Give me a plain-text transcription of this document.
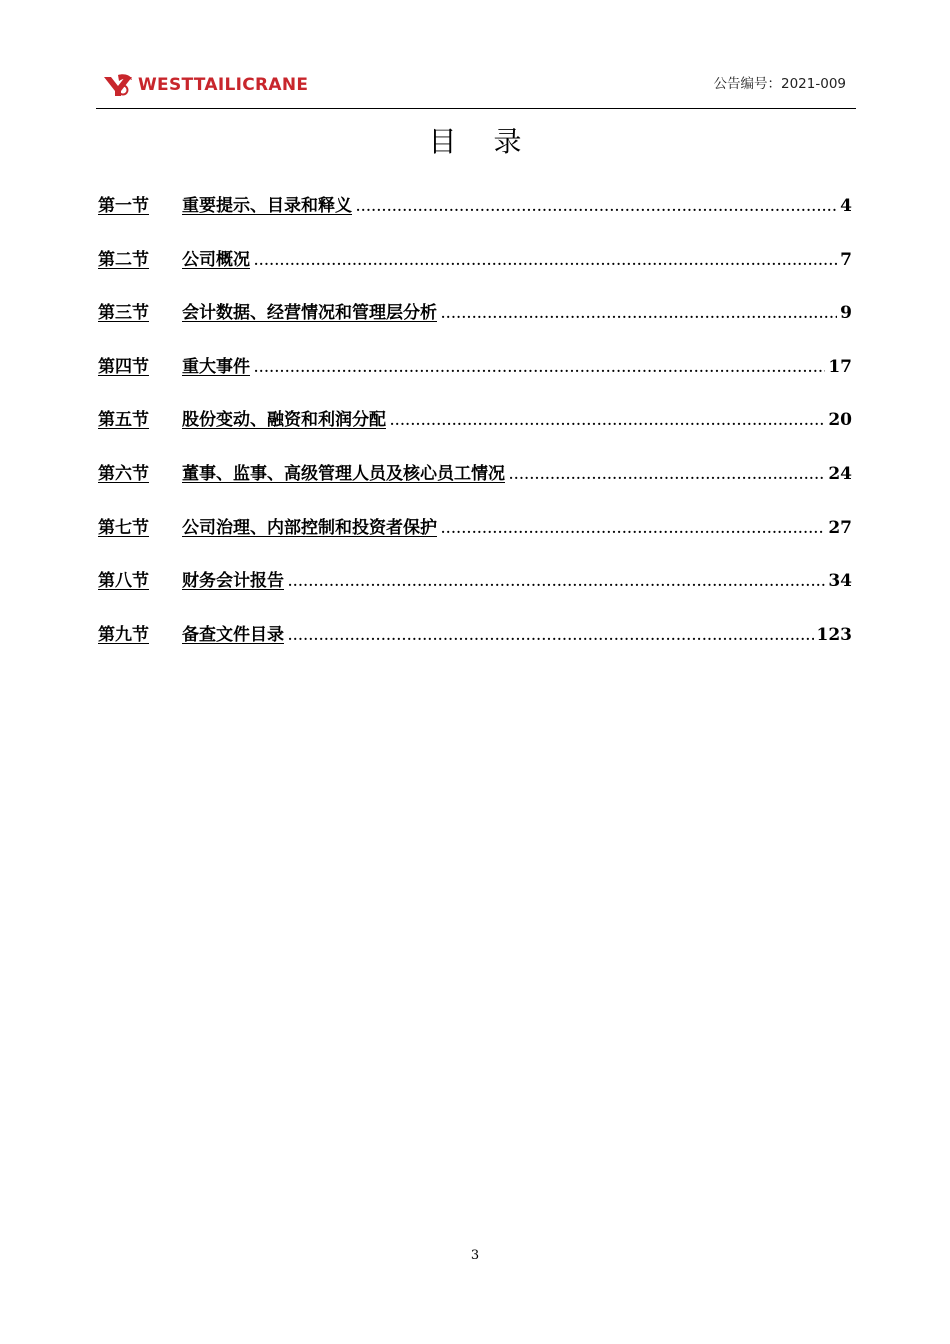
WESTTAILICRANE	公告编号：2021-009
目 录
第一节	重要提示、目录和释义 .....	4
第二节	公司概况 .....	7
第三节	会计数据、经营情况和管理层分析 .....	9
第四节	重大事件 .....	17
第五节	股份变动、融资和利润分配 .....	20
第六节	董事、监事、高级管理人员及核心员工情况 .....	24
第七节	公司治理、内部控制和投资者保护 .....	27
第八节	财务会计报告 .....	34
第九节	备查文件目录 .....	123
3
